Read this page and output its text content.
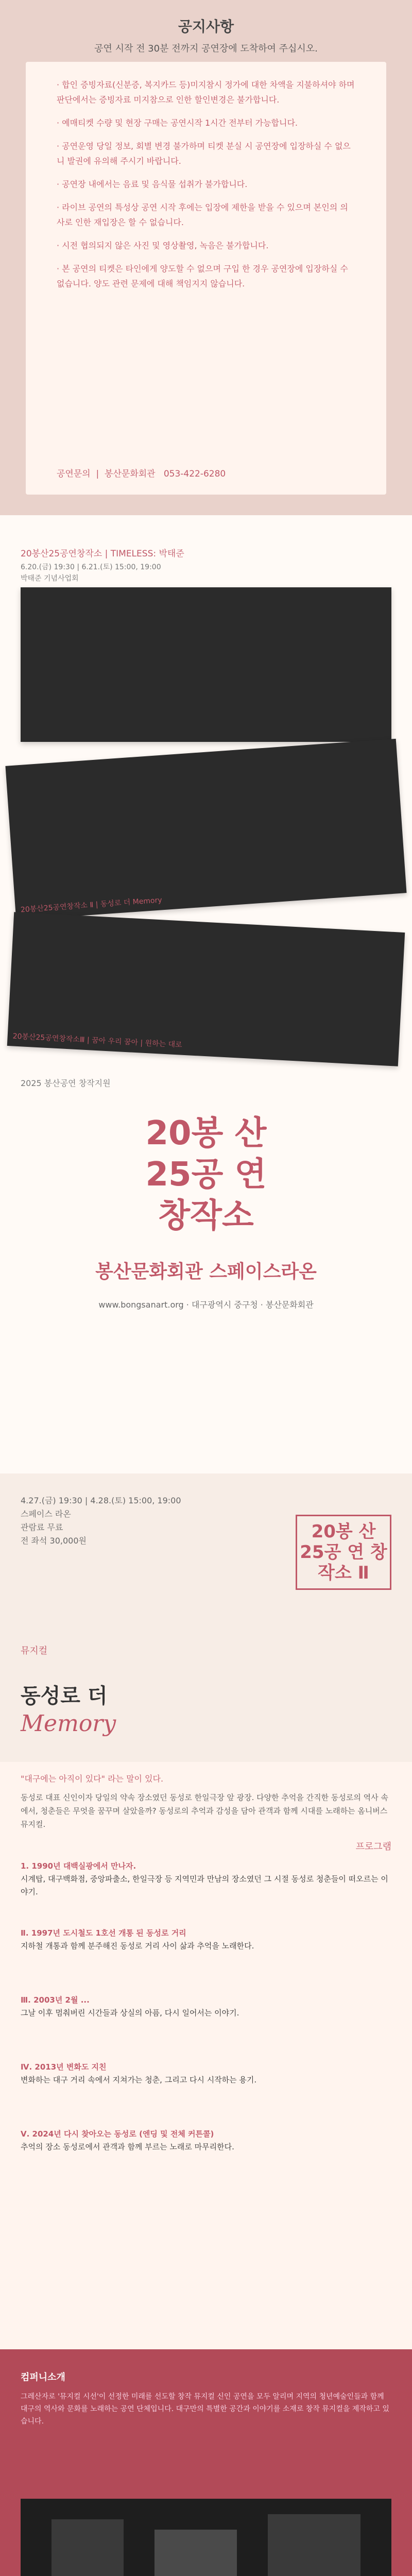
공지사항
공연 시작 전 30분 전까지 공연장에 도착하여 주십시오.
· 합인 증빙자료(신분증, 복지카드 등)미지참시 정가에 대한 차액을 지불하셔야 하며 판단에서는 증빙자료 미지참으로 인한 할인변경은 불가합니다.
· 예매티켓 수량 및 현장 구매는 공연시작 1시간 전부터 가능합니다.
· 공연운영 당일 정보, 회별 변경 불가하며 티켓 분실 시 공연장에 입장하실 수 없으니 발권에 유의해 주시기 바랍니다.
· 공연장 내에서는 음료 및 음식물 섭취가 불가합니다.
· 라이브 공연의 특성상 공연 시작 후에는 입장에 제한을 받을 수 있으며 본인의 의사로 인한 재입장은 할 수 없습니다.
· 시전 협의되지 않은 사진 및 영상촬영, 녹음은 불가합니다.
· 본 공연의 티켓은 타인에게 양도할 수 없으며 구입 한 경우 공연장에 입장하실 수 없습니다. 양도 관련 문제에 대해 책임지지 않습니다.
공연문의  |  봉산문화회관 053-422-6280
20봉산25공연창작소 | TIMELESS: 박태준
6.20.(금) 19:30 | 6.21.(토) 15:00, 19:00
박태준 기념사업회
20봉산25공연창작소 Ⅱ | 동성로 더 Memory
20봉산25공연창작소Ⅲ | 꿈아 우리 꿈아 | 원하는 대로
2025 봉산공연 창작지원
20봉 산
25공 연
창작소
봉산문화회관 스페이스라온
www.bongsanart.org · 대구광역시 중구청 · 봉산문화회관
4.27.(금) 19:30 | 4.28.(토) 15:00, 19:00
스페이스 라온
관람료 무료
전 좌석 30,000원	20봉 산 25공 연 창작소 Ⅱ
뮤지컬
동성로 더
Memory
"대구에는 아직이 있다" 라는 말이 있다.
동성로 대표 신인이자 당일의 약속 장소였던 동성로 한일극장 앞 광장. 다양한 추억을 간직한 동성로의 역사 속에서, 청춘들은 무엇을 꿈꾸며 살았을까? 동성로의 추억과 감성을 담아 관객과 함께 시대를 노래하는 옴니버스 뮤지컬.
프로그램
1. 1990년 대백실광에서 만나자.
시계탑, 대구백화점, 중앙파출소, 한일극장 등 지역민과 만남의 장소였던 그 시절 동성로 청춘들이 떠오르는 이야기.
Ⅱ. 1997년 도시철도 1호선 개통 된 동성로 거리
지하철 개통과 함께 분주해진 동성로 거리 사이 삶과 추억을 노래한다.
Ⅲ. 2003년 2월 ...
그날 이후 멈춰버린 시간들과 상실의 아픔, 다시 일어서는 이야기.
Ⅳ. 2013년 변화도 지친
변화하는 대구 거리 속에서 지쳐가는 청춘, 그리고 다시 시작하는 용기.
Ⅴ. 2024년 다시 찾아오는 동성로 (엔딩 및 전체 커튼콜)
추억의 장소 동성로에서 관객과 함께 부르는 노래로 마무리한다.
컴퍼니소개
그레산자로 '뮤지컬 시선'이 선정한 미래를 선도할 창작 뮤지컬 신인 공연을 모두 알리며 지역의 청년예술인들과 함께 대구의 역사와 문화를 노래하는 공연 단체입니다. 대구만의 특별한 공간과 이야기를 소재로 창작 뮤지컬을 제작하고 있습니다.
